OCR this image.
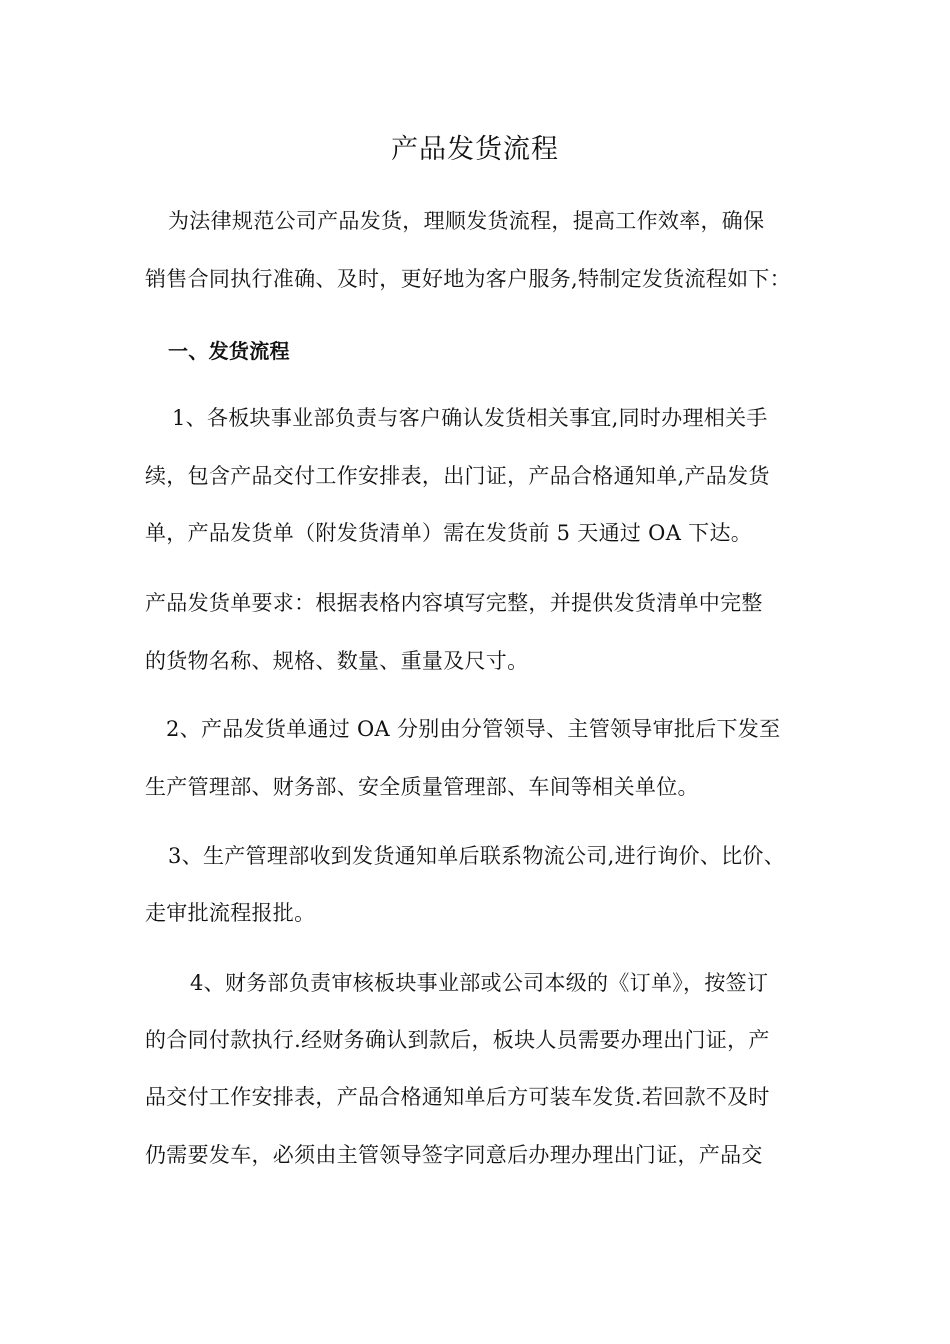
产品发货流程
为法律规范公司产品发货，理顺发货流程，提高工作效率，确保
销售合同执行准确、及时，更好地为客户服务,特制定发货流程如下：
一、发货流程
1、各板块事业部负责与客户确认发货相关事宜,同时办理相关手
续，包含产品交付工作安排表，出门证，产品合格通知单,产品发货
单，产品发货单（附发货清单）需在发货前 5 天通过 OA 下达。
产品发货单要求：根据表格内容填写完整，并提供发货清单中完整
的货物名称、规格、数量、重量及尺寸。
2、产品发货单通过 OA 分别由分管领导、主管领导审批后下发至
生产管理部、财务部、安全质量管理部、车间等相关单位。
3、生产管理部收到发货通知单后联系物流公司,进行询价、比价、
走审批流程报批。
4、财务部负责审核板块事业部或公司本级的《订单》，按签订
的合同付款执行.经财务确认到款后，板块人员需要办理出门证，产
品交付工作安排表，产品合格通知单后方可装车发货.若回款不及时
仍需要发车，必须由主管领导签字同意后办理办理出门证，产品交
